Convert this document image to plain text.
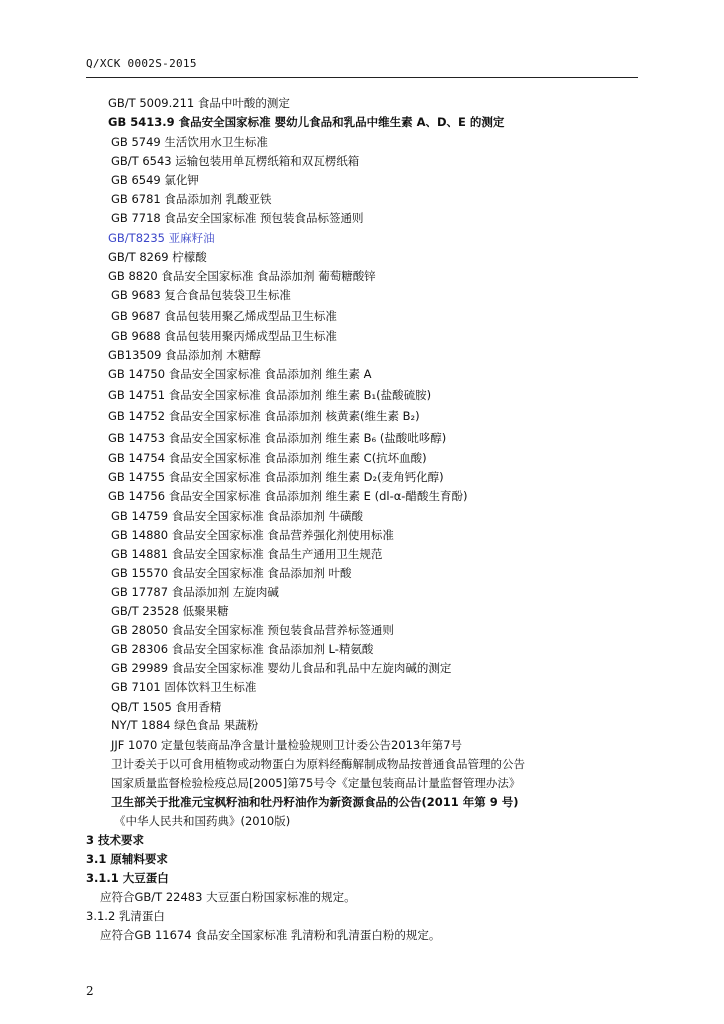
Q/XCK 0002S-2015
GB/T 5009.211 食品中叶酸的测定
GB 5413.9 食品安全国家标准 婴幼儿食品和乳品中维生素 A、D、E 的测定
GB 5749 生活饮用水卫生标准
GB/T 6543 运输包装用单瓦楞纸箱和双瓦楞纸箱
GB 6549 氯化钾
GB 6781 食品添加剂 乳酸亚铁
GB 7718 食品安全国家标准 预包装食品标签通则
GB/T8235 亚麻籽油
GB/T 8269 柠檬酸
GB 8820 食品安全国家标准 食品添加剂 葡萄糖酸锌
GB 9683 复合食品包装袋卫生标准
GB 9687 食品包装用聚乙烯成型品卫生标准
GB 9688 食品包装用聚丙烯成型品卫生标准
GB13509 食品添加剂 木糖醇
GB 14750 食品安全国家标准 食品添加剂 维生素 A
GB 14751 食品安全国家标准 食品添加剂 维生素 B₁(盐酸硫胺)
GB 14752 食品安全国家标准 食品添加剂 核黄素(维生素 B₂)
GB 14753 食品安全国家标准 食品添加剂 维生素 B₆ (盐酸吡哆醇)
GB 14754 食品安全国家标准 食品添加剂 维生素 C(抗坏血酸)
GB 14755 食品安全国家标准 食品添加剂 维生素 D₂(麦角钙化醇)
GB 14756 食品安全国家标准 食品添加剂 维生素 E (dl-α-醋酸生育酚)
GB 14759 食品安全国家标准 食品添加剂 牛磺酸
GB 14880 食品安全国家标准 食品营养强化剂使用标准
GB 14881 食品安全国家标准 食品生产通用卫生规范
GB 15570 食品安全国家标准 食品添加剂 叶酸
GB 17787 食品添加剂 左旋肉碱
GB/T 23528 低聚果糖
GB 28050 食品安全国家标准 预包装食品营养标签通则
GB 28306 食品安全国家标准 食品添加剂 L-精氨酸
GB 29989 食品安全国家标准 婴幼儿食品和乳品中左旋肉碱的测定
GB 7101 固体饮料卫生标准
QB/T 1505 食用香精
NY/T 1884 绿色食品 果蔬粉
JJF 1070 定量包装商品净含量计量检验规则卫计委公告2013年第7号
卫计委关于以可食用植物或动物蛋白为原料经酶解制成物品按普通食品管理的公告
国家质量监督检验检疫总局[2005]第75号令《定量包装商品计量监督管理办法》
卫生部关于批准元宝枫籽油和牡丹籽油作为新资源食品的公告(2011 年第 9 号)
《中华人民共和国药典》(2010版)
3 技术要求
3.1 原辅料要求
3.1.1 大豆蛋白
应符合GB/T 22483 大豆蛋白粉国家标准的规定。
3.1.2 乳清蛋白
应符合GB 11674 食品安全国家标准 乳清粉和乳清蛋白粉的规定。
2
